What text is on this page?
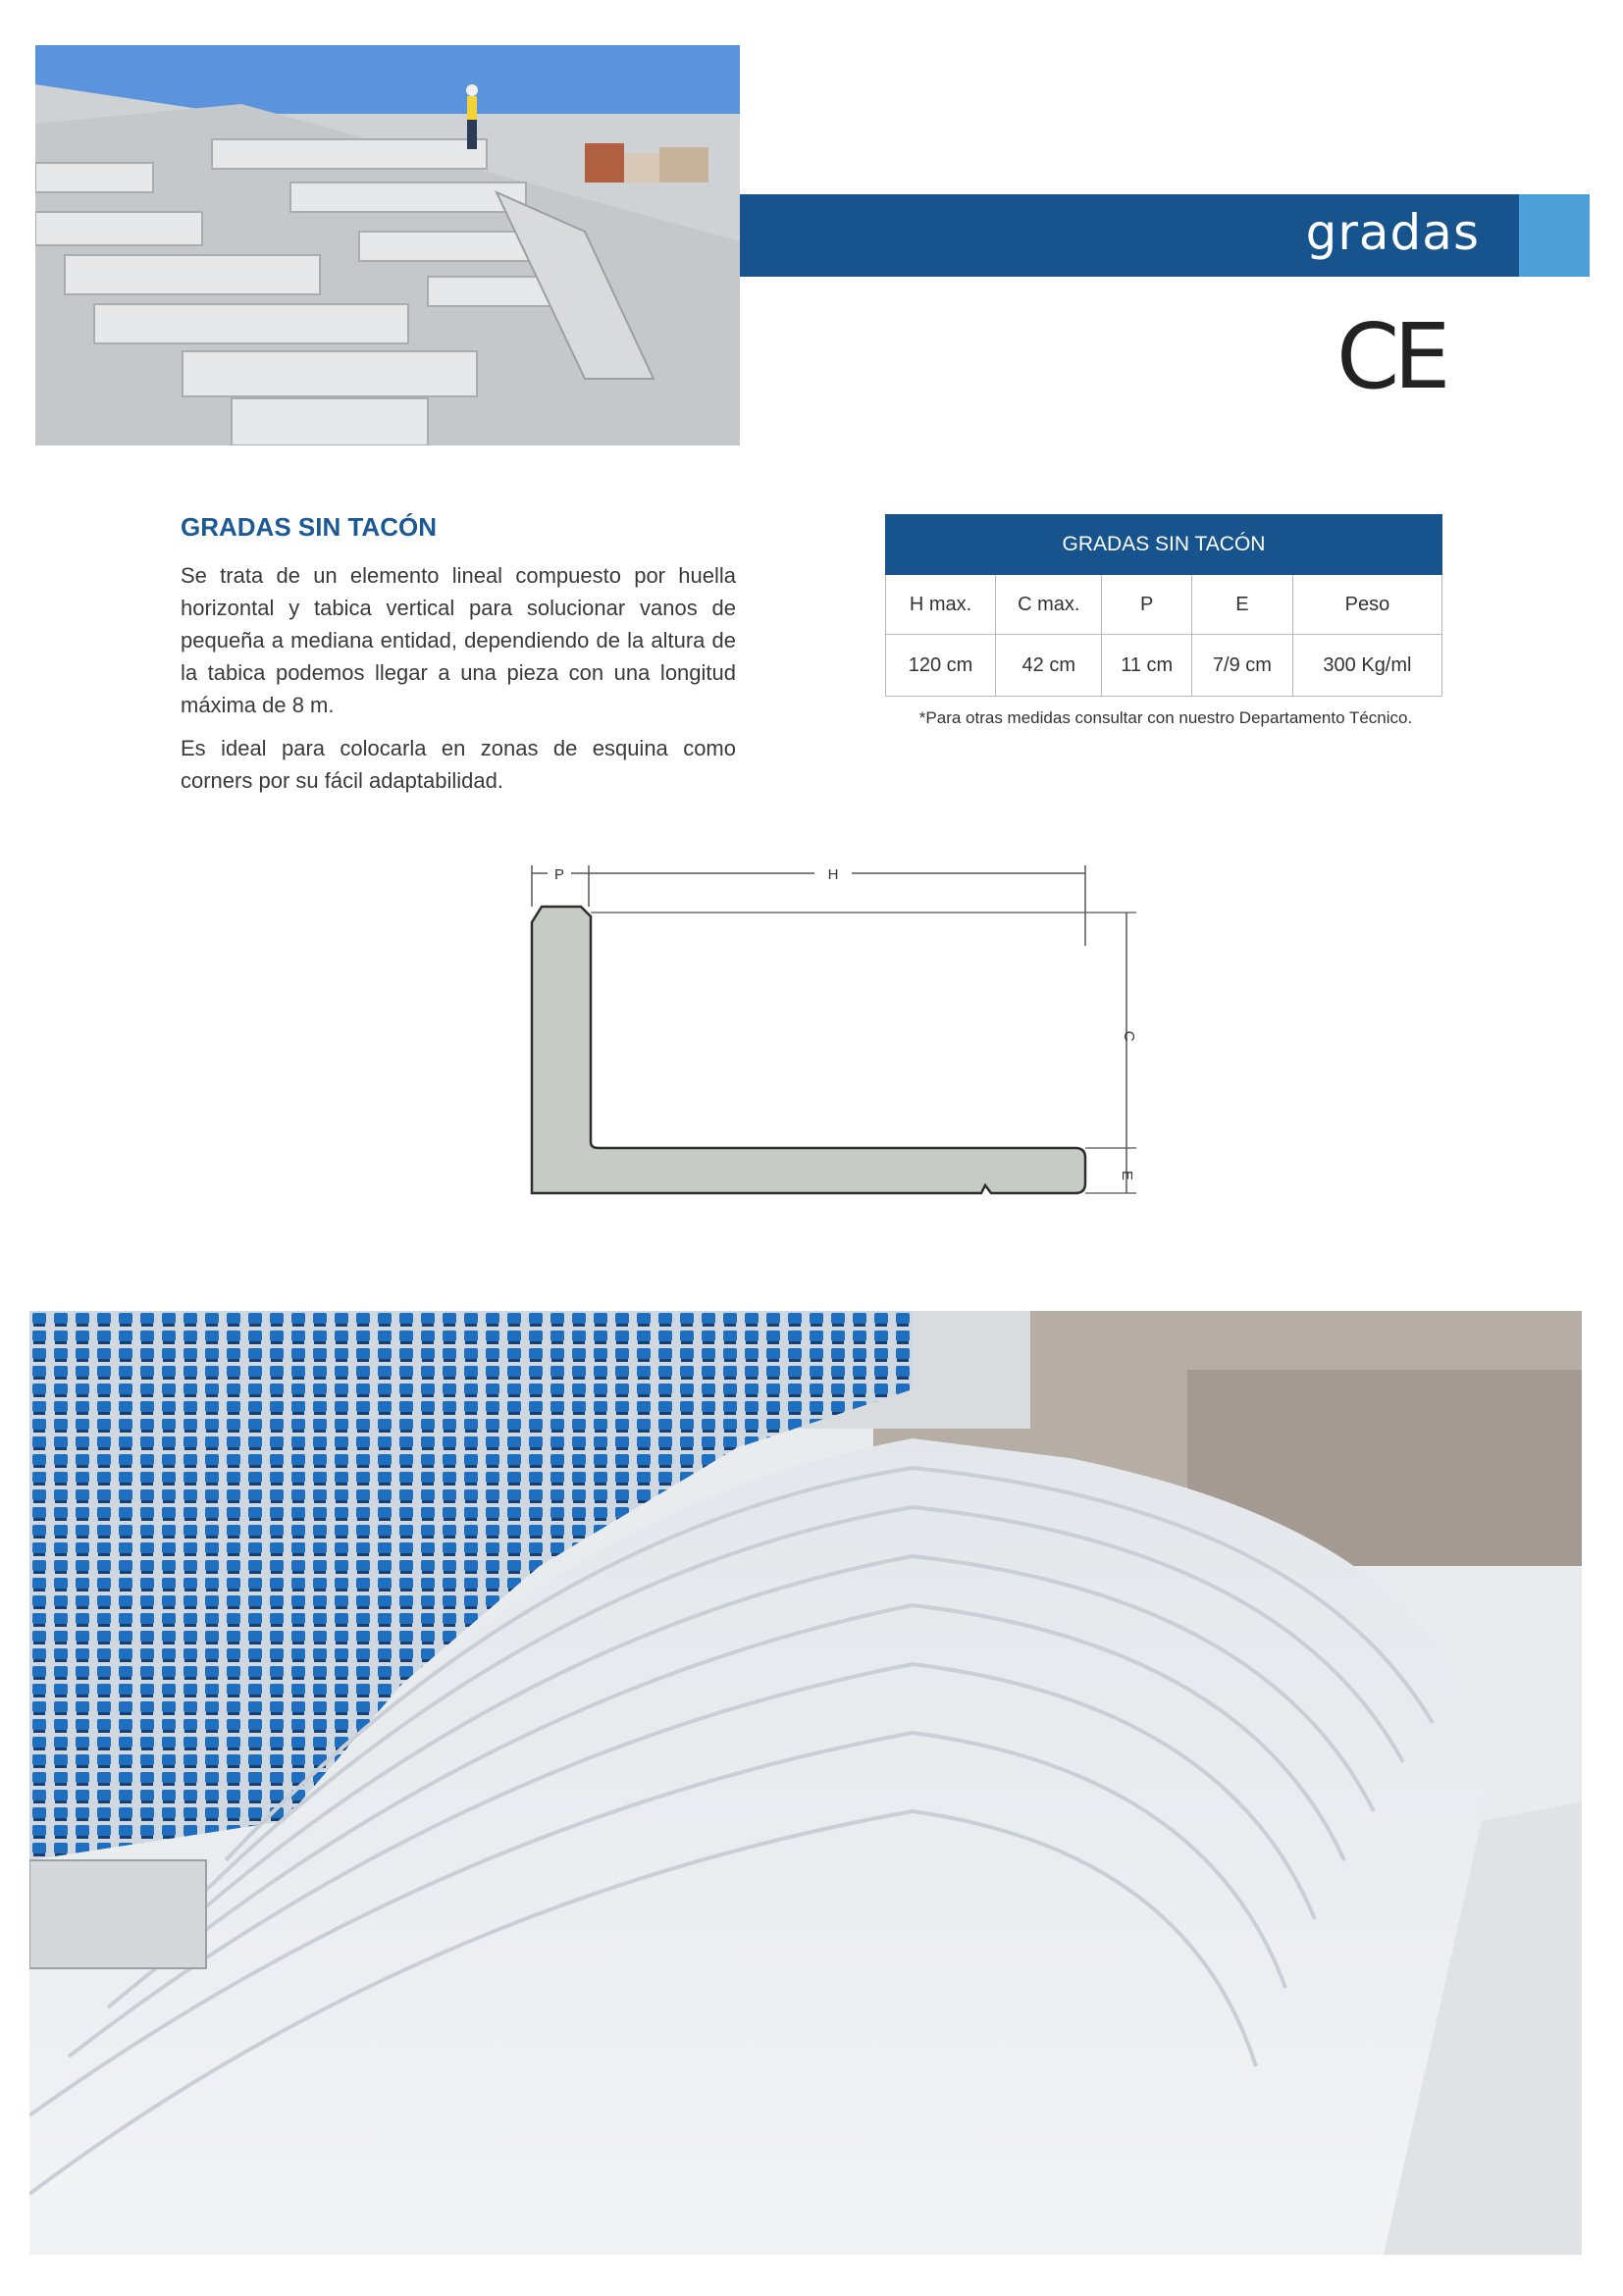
gradas
CE
GRADAS SIN TACÓN

Se trata de un elemento lineal compuesto por huella horizontal y tabica vertical para solucionar vanos de pequeña a mediana entidad, dependiendo de la altura de la tabica podemos llegar a una pieza con una longitud máxima de 8 m.

Es ideal para colocarla en zonas de esquina como corners por su fácil adaptabilidad.

GRADAS SIN TACÓN				
H max.	C max.	P	E	Peso
120 cm	42 cm	11 cm	7/9 cm	300 Kg/ml
*Para otras medidas consultar con nuestro Departamento Técnico.
P	H
C
E
